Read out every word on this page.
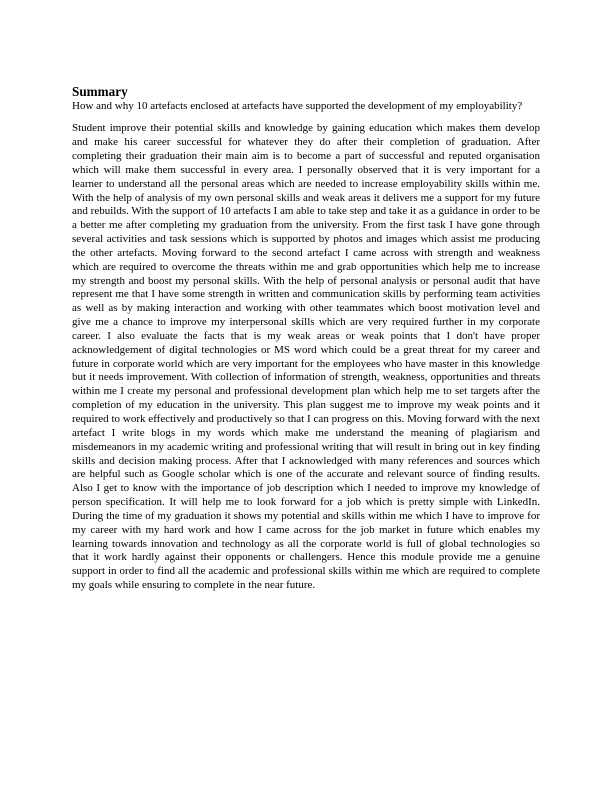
Summary

How and why 10 artefacts enclosed at artefacts have supported the development of my employability?

Student improve their potential skills and knowledge by gaining education which makes them develop and make his career successful for whatever they do after their completion of graduation. After completing their graduation their main aim is to become a part of successful and reputed organisation which will make them successful in every area. I personally observed that it is very important for a learner to understand all the personal areas which are needed to increase employability skills within me. With the help of analysis of my own personal skills and weak areas it delivers me a support for my future and rebuilds. With the support of 10 artefacts I am able to take step and take it as a guidance in order to be a better me after completing my graduation from the university. From the first task I have gone through several activities and task sessions which is supported by photos and images which assist me producing the other artefacts. Moving forward to the second artefact I came across with strength and weakness which are required to overcome the threats within me and grab opportunities which help me to increase my strength and boost my personal skills. With the help of personal analysis or personal audit that have represent me that I have some strength in written and communication skills by performing team activities as well as by making interaction and working with other teammates which boost motivation level and give me a chance to improve my interpersonal skills which are very required further in my corporate career. I also evaluate the facts that is my weak areas or weak points that I don't have proper acknowledgement of digital technologies or MS word which could be a great threat for my career and future in corporate world which are very important for the employees who have master in this knowledge but it needs improvement. With collection of information of strength, weakness, opportunities and threats within me I create my personal and professional development plan which help me to set targets after the completion of my education in the university. This plan suggest me to improve my weak points and it required to work effectively and productively so that I can progress on this. Moving forward with the next artefact I write blogs in my words which make me understand the meaning of plagiarism and misdemeanors in my academic writing and professional writing that will result in bring out in key finding skills and decision making process. After that I acknowledged with many references and sources which are helpful such as Google scholar which is one of the accurate and relevant source of finding results. Also I get to know with the importance of job description which I needed to improve my knowledge of person specification. It will help me to look forward for a job which is pretty simple with LinkedIn. During the time of my graduation it shows my potential and skills within me which I have to improve for my career with my hard work and how I came across for the job market in future which enables my learning towards innovation and technology as all the corporate world is full of global technologies so that it work hardly against their opponents or challengers. Hence this module provide me a genuine support in order to find all the academic and professional skills within me which are required to complete my goals while ensuring to complete in the near future.
